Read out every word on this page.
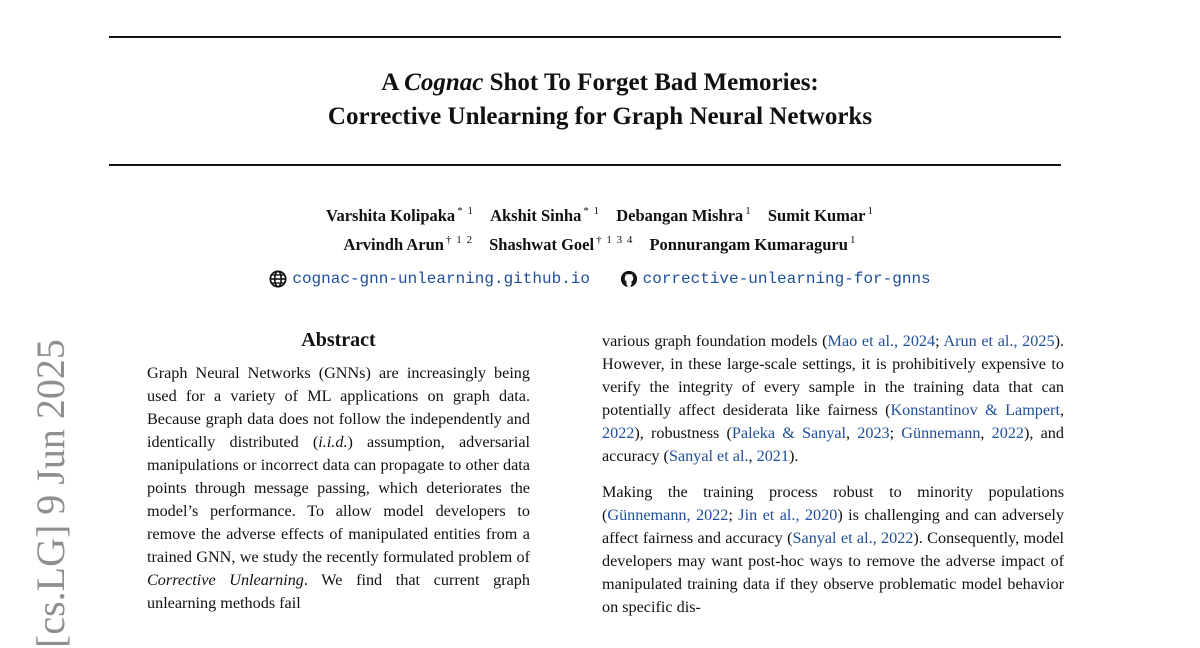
A Cognac Shot To Forget Bad Memories:
Corrective Unlearning for Graph Neural Networks
Varshita Kolipaka $^{* 1}$ Akshit Sinha $^{* 1}$ Debangan Mishra $^1$ Sumit Kumar $^1$
Arvindh Arun $^{\dagger 1 2}$ Shashwat Goel $^{\dagger 1 3 4}$ Ponnurangam Kumaraguru $^1$
cognac-gnn-unlearning.github.io
	corrective-unlearning-for-gnns
[cs.LG] 9 Jun 2025	Abstract

Graph Neural Networks (GNNs) are increasingly being used for a variety of ML applications on graph data. Because graph data does not follow the independently and identically distributed (i.i.d.) assumption, adversarial manipulations or incorrect data can propagate to other data points through message passing, which deteriorates the model’s performance. To allow model developers to remove the adverse effects of manipulated entities from a trained GNN, we study the recently formulated problem of Corrective Unlearning. We find that current graph unlearning methods fail

various graph foundation models (Mao et al., 2024; Arun et al., 2025). However, in these large-scale settings, it is prohibitively expensive to verify the integrity of every sample in the training data that can potentially affect desiderata like fairness (Konstantinov & Lampert, 2022), robustness (Paleka & Sanyal, 2023; Günnemann, 2022), and accuracy (Sanyal et al., 2021).

Making the training process robust to minority populations (Günnemann, 2022; Jin et al., 2020) is challenging and can adversely affect fairness and accuracy (Sanyal et al., 2022). Consequently, model developers may want post-hoc ways to remove the adverse impact of manipulated training data if they observe problematic model behavior on specific dis-
